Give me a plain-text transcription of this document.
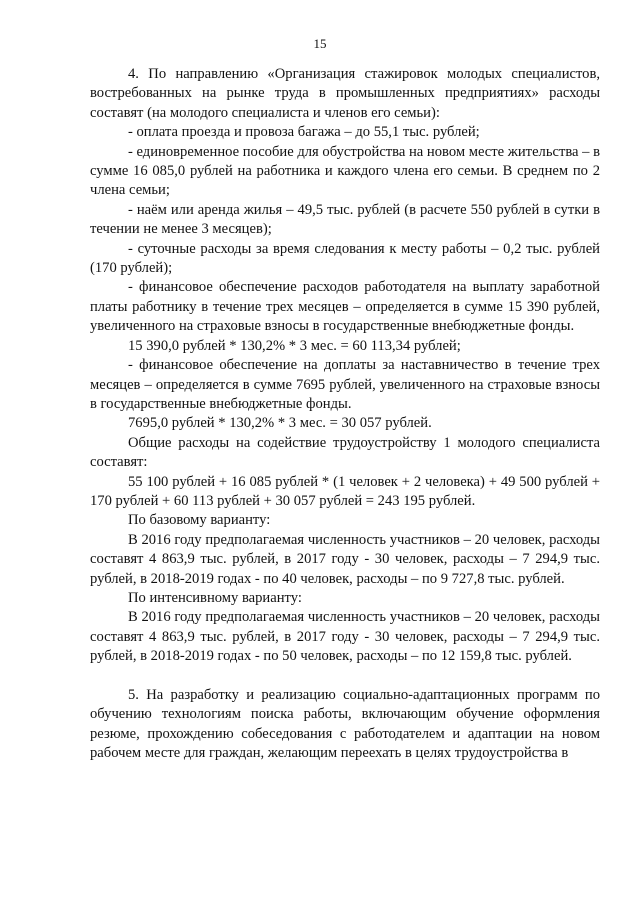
15

4. По направлению «Организация стажировок молодых специалистов, востребованных на рынке труда в промышленных предприятиях» расходы составят (на молодого специалиста и членов его семьи):

- оплата проезда и провоза багажа – до 55,1 тыс. рублей;

- единовременное пособие для обустройства на новом месте жительства – в сумме 16 085,0 рублей на работника и каждого члена его семьи. В среднем по 2 члена семьи;

- наём или аренда жилья – 49,5 тыс. рублей (в расчете 550 рублей в сутки в течении не менее 3 месяцев);

- суточные расходы за время следования к месту работы – 0,2 тыс. рублей (170 рублей);

- финансовое обеспечение расходов работодателя на выплату заработной платы работнику в течение трех месяцев – определяется в сумме 15 390 рублей, увеличенного на страховые взносы в государственные внебюджетные фонды.

15 390,0 рублей * 130,2% * 3 мес. = 60 113,34 рублей;

- финансовое обеспечение на доплаты за наставничество в течение трех месяцев – определяется в сумме 7695 рублей, увеличенного на страховые взносы в государственные внебюджетные фонды.

7695,0 рублей * 130,2% * 3 мес. = 30 057 рублей.

Общие расходы на содействие трудоустройству 1 молодого специалиста составят:

55 100 рублей + 16 085 рублей * (1 человек + 2 человека) + 49 500 рублей + 170 рублей + 60 113 рублей + 30 057 рублей = 243 195 рублей.

По базовому варианту:

В 2016 году предполагаемая численность участников – 20 человек, расходы составят 4 863,9 тыс. рублей, в 2017 году - 30 человек, расходы – 7 294,9 тыс. рублей, в 2018-2019 годах - по 40 человек, расходы – по 9 727,8 тыс. рублей.

По интенсивному варианту:

В 2016 году предполагаемая численность участников – 20 человек, расходы составят 4 863,9 тыс. рублей, в 2017 году - 30 человек, расходы – 7 294,9 тыс. рублей, в 2018-2019 годах - по 50 человек, расходы – по 12 159,8 тыс. рублей.

5. На разработку и реализацию социально-адаптационных программ по обучению технологиям поиска работы, включающим обучение оформления резюме, прохождению собеседования с работодателем и адаптации на новом рабочем месте для граждан, желающим переехать в целях трудоустройства в
